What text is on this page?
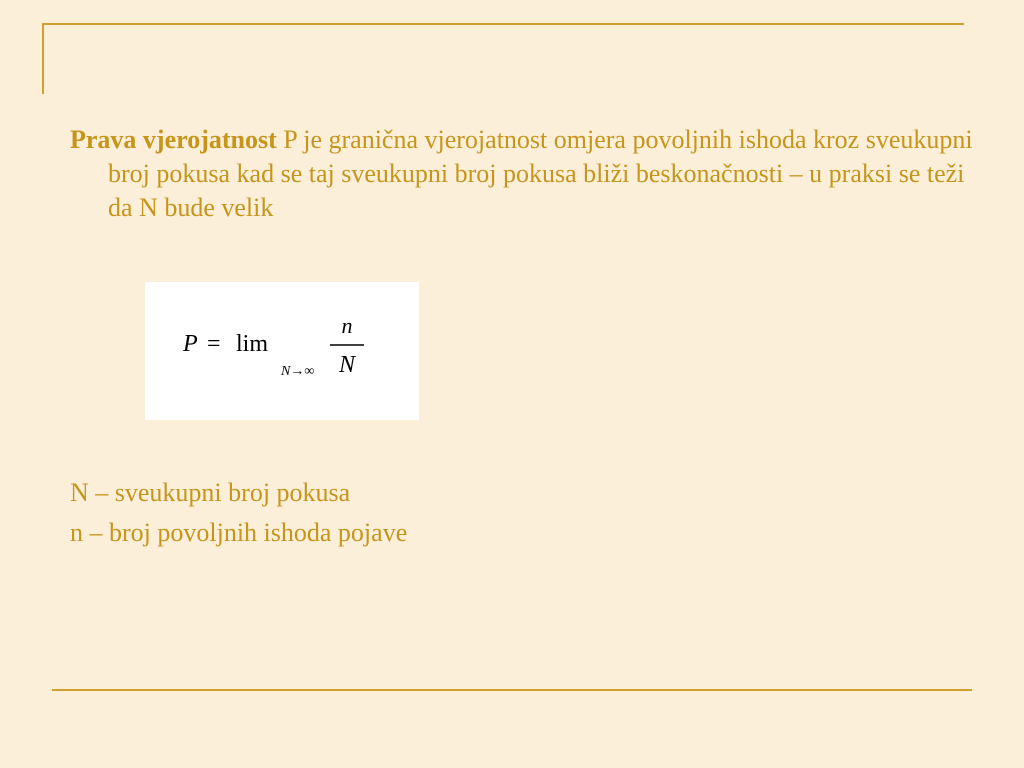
Prava vjerojatnost P je granična vjerojatnost omjera povoljnih ishoda kroz sveukupni broj pokusa kad se taj sveukupni broj pokusa bliži beskonačnosti – u praksi se teži da N bude velik

P = lim
N→∞
n
N
N – sveukupni broj pokusa
n – broj povoljnih ishoda pojave
